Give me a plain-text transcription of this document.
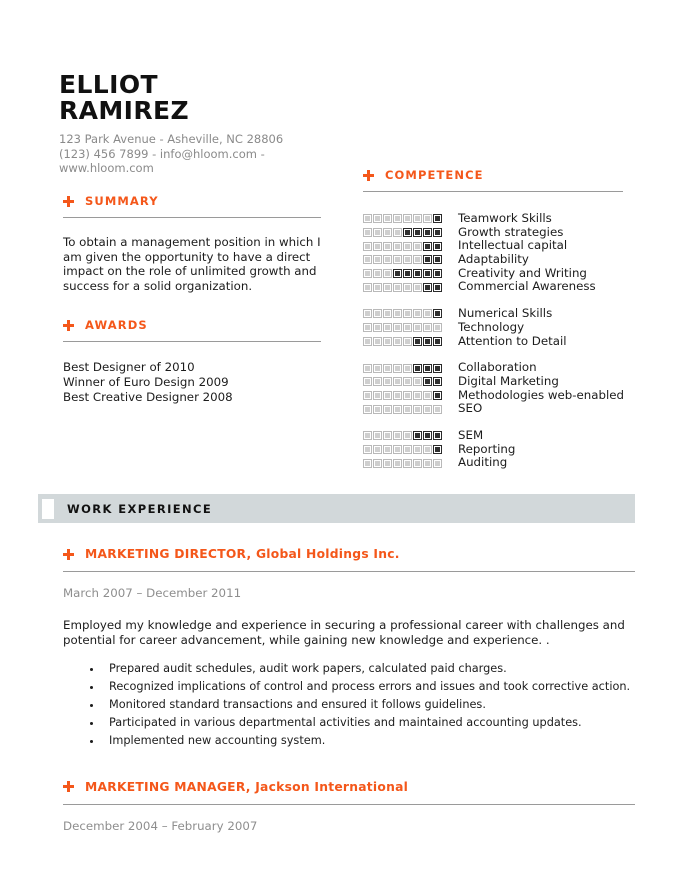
ELLIOT
RAMIREZ
123 Park Avenue - Asheville, NC 28806
(123) 456 7899 - info@hloom.com -
www.hloom.com
SUMMARY
To obtain a management position in which I am given the opportunity to have a direct impact on the role of unlimited growth and success for a solid organization.
AWARDS
Best Designer of 2010
Winner of Euro Design 2009
Best Creative Designer 2008
COMPETENCE
Teamwork Skills
Growth strategies
Intellectual capital
Adaptability
Creativity and Writing
Commercial Awareness
Numerical Skills
Technology
Attention to Detail
Collaboration
Digital Marketing
Methodologies web-enabled
SEO
SEM
Reporting
Auditing
WORK EXPERIENCE
MARKETING DIRECTOR, Global Holdings Inc.
March 2007 – December 2011
Employed my knowledge and experience in securing a professional career with challenges and potential for career advancement, while gaining new knowledge and experience. .
• Prepared audit schedules, audit work papers, calculated paid charges.
• Recognized implications of control and process errors and issues and took corrective action.
• Monitored standard transactions and ensured it follows guidelines.
• Participated in various departmental activities and maintained accounting updates.
• Implemented new accounting system.
MARKETING MANAGER, Jackson International
December 2004 – February 2007
